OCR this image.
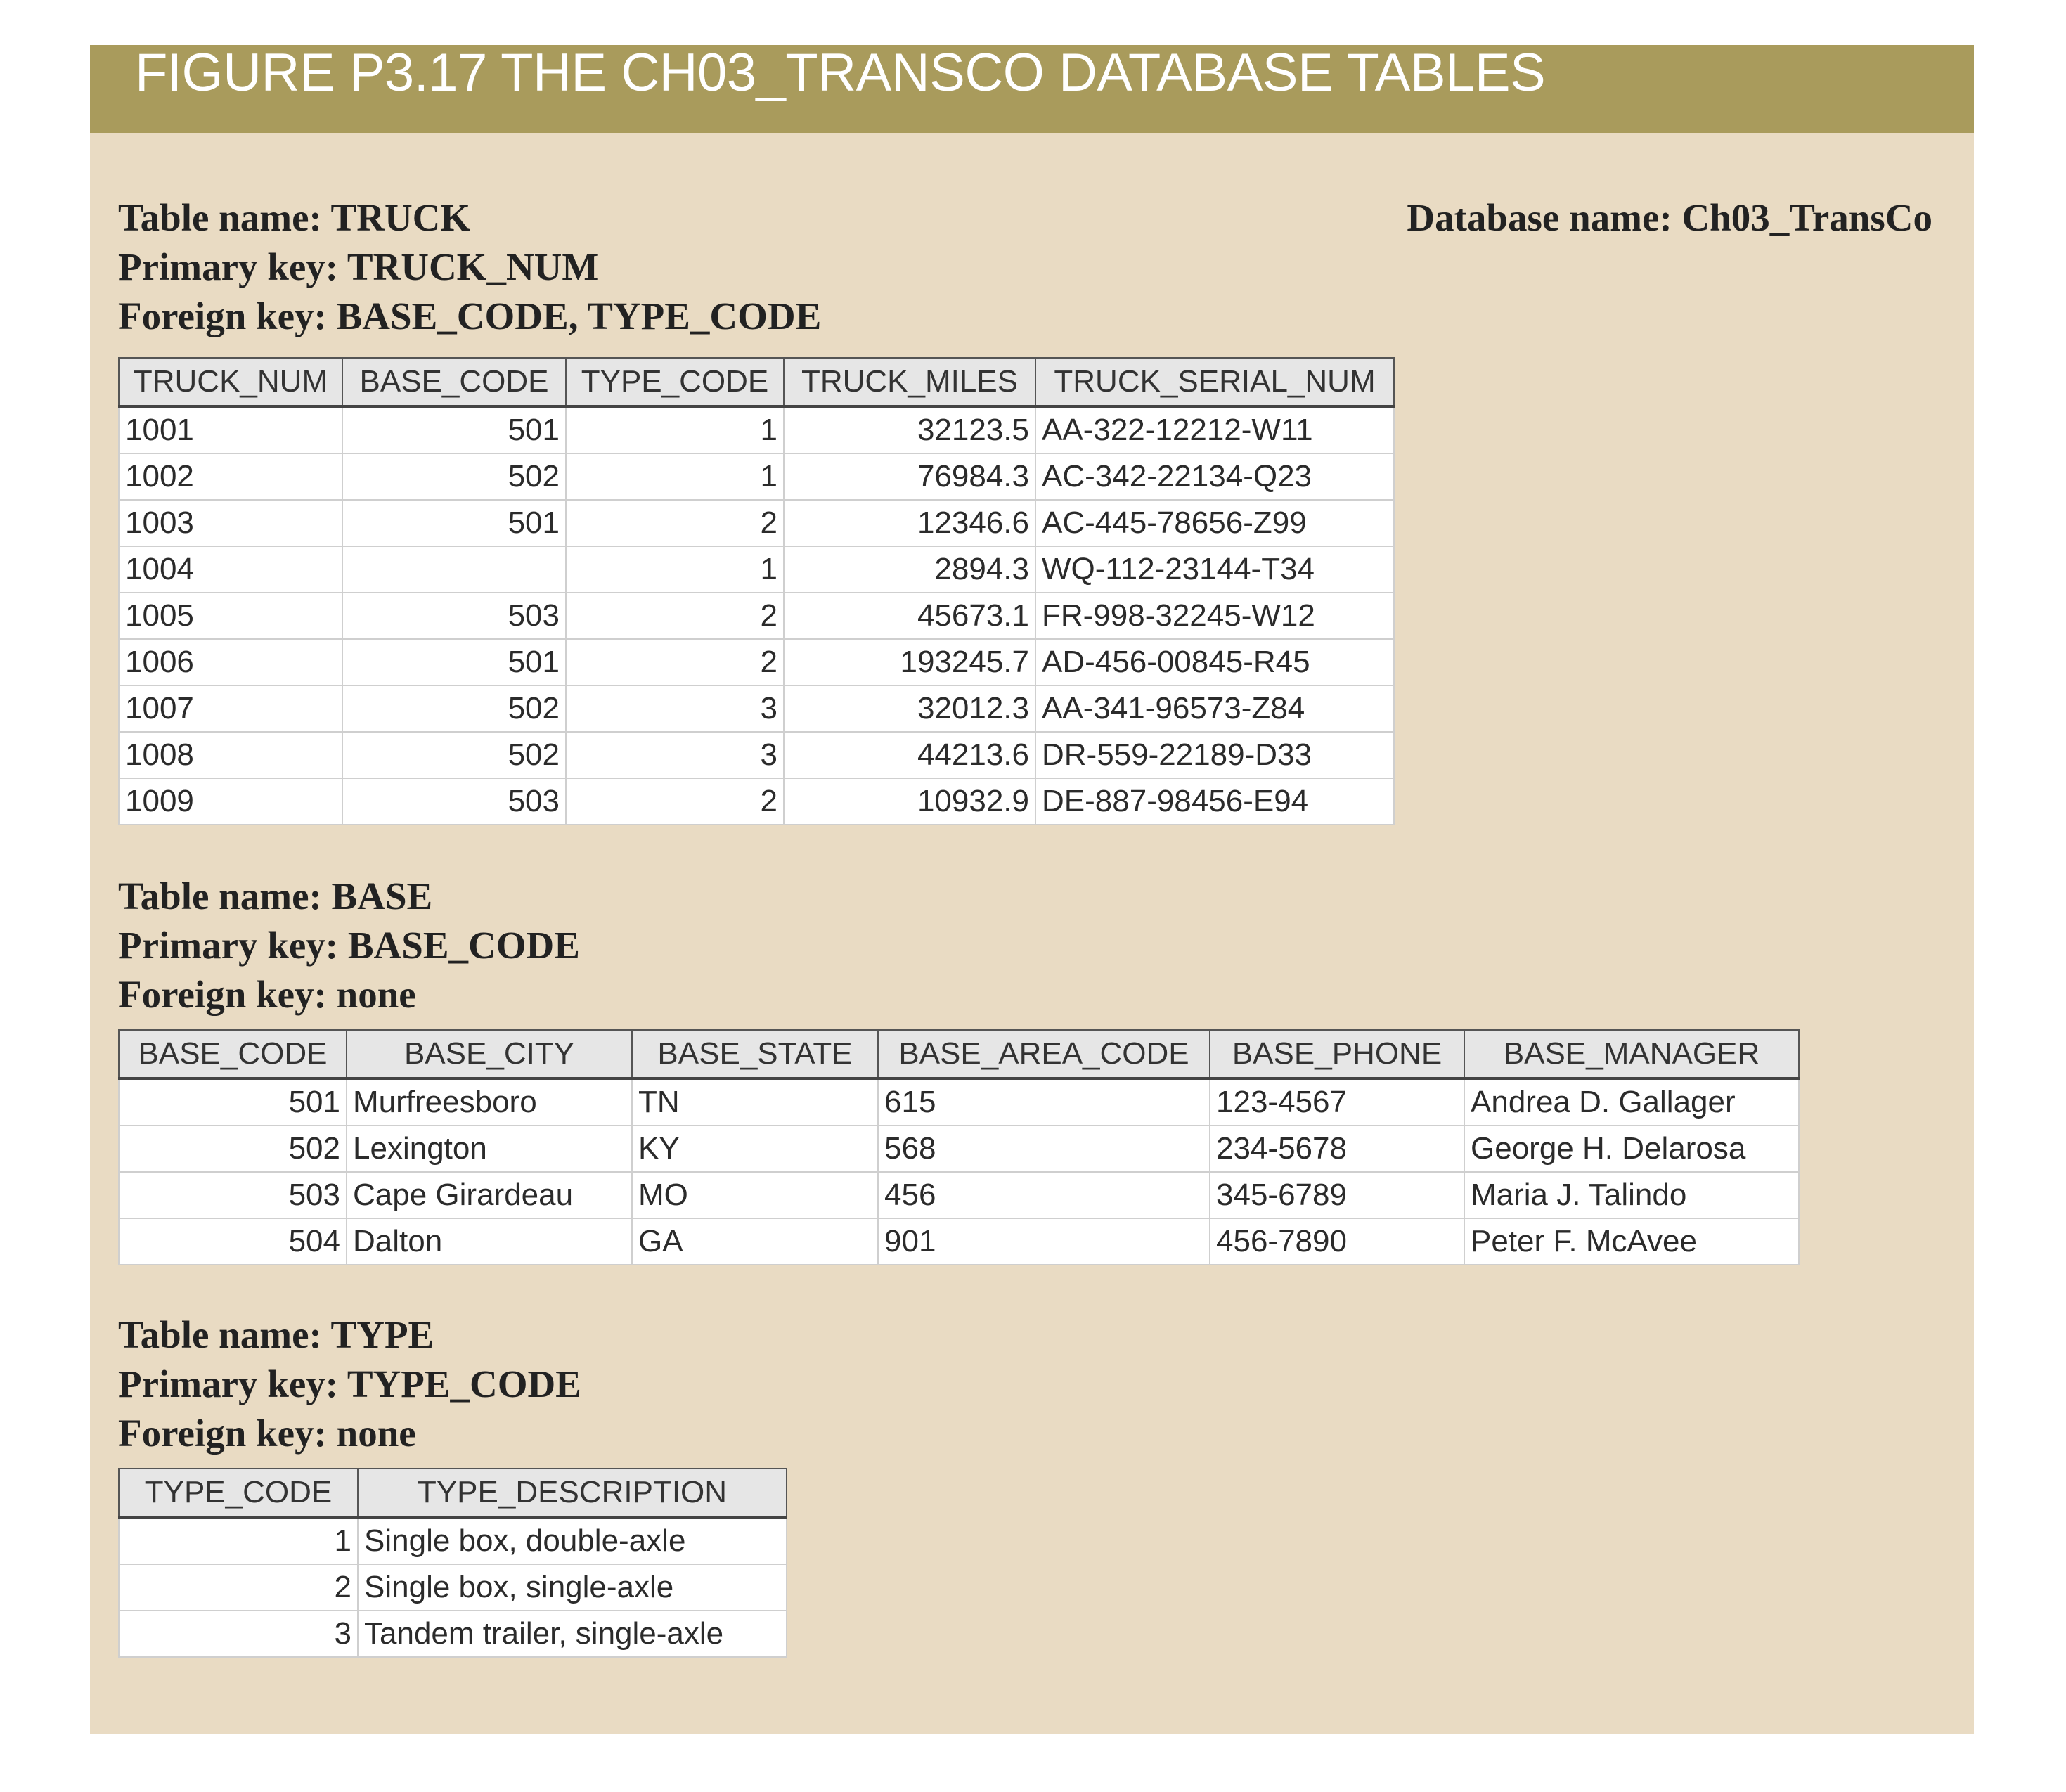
FIGURE P3.17 THE CH03_TRANSCO DATABASE TABLES
Database name: Ch03_TransCo
Table name: TRUCK
Primary key: TRUCK_NUM
Foreign key: BASE_CODE, TYPE_CODE
TRUCK_NUM	BASE_CODE	TYPE_CODE	TRUCK_MILES	TRUCK_SERIAL_NUM
1001	501	1	32123.5	AA-322-12212-W11
1002	502	1	76984.3	AC-342-22134-Q23
1003	501	2	12346.6	AC-445-78656-Z99
1004		1	2894.3	WQ-112-23144-T34
1005	503	2	45673.1	FR-998-32245-W12
1006	501	2	193245.7	AD-456-00845-R45
1007	502	3	32012.3	AA-341-96573-Z84
1008	502	3	44213.6	DR-559-22189-D33
1009	503	2	10932.9	DE-887-98456-E94
Table name: BASE
Primary key: BASE_CODE
Foreign key: none
BASE_CODE	BASE_CITY	BASE_STATE	BASE_AREA_CODE	BASE_PHONE	BASE_MANAGER
501	Murfreesboro	TN	615	123-4567	Andrea D. Gallager
502	Lexington	KY	568	234-5678	George H. Delarosa
503	Cape Girardeau	MO	456	345-6789	Maria J. Talindo
504	Dalton	GA	901	456-7890	Peter F. McAvee
Table name: TYPE
Primary key: TYPE_CODE
Foreign key: none
TYPE_CODE	TYPE_DESCRIPTION
1	Single box, double-axle
2	Single box, single-axle
3	Tandem trailer, single-axle
